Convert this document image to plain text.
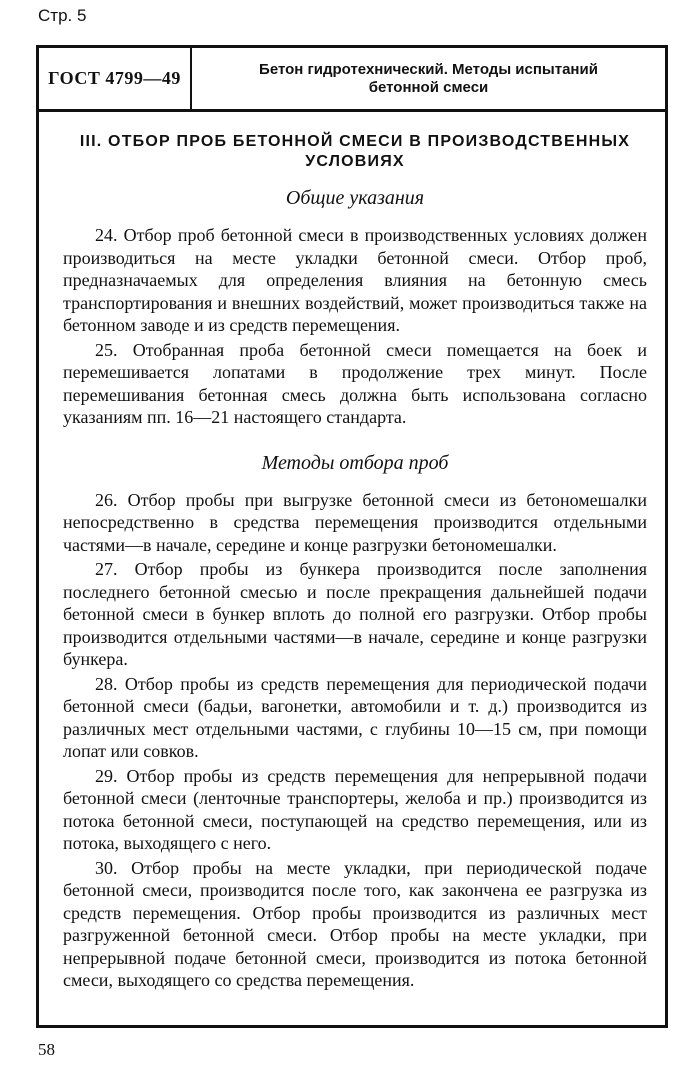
Стр. 5
ГОСТ 4799—49	Бетон гидротехнический. Методы испытаний бетонной смеси
III. ОТБОР ПРОБ БЕТОННОЙ СМЕСИ В ПРОИЗВОДСТВЕННЫХ УСЛОВИЯХ
Общие указания

24. Отбор проб бетонной смеси в производственных условиях должен производиться на месте укладки бетонной смеси. Отбор проб, предназначаемых для определения влияния на бетонную смесь транспортирования и внешних воздействий, может производиться также на бетонном заводе и из средств перемещения.

25. Отобранная проба бетонной смеси помещается на боек и перемешивается лопатами в продолжение трех минут. После перемешивания бетонная смесь должна быть использована согласно указаниям пп. 16—21 настоящего стандарта.

Методы отбора проб

26. Отбор пробы при выгрузке бетонной смеси из бетономешалки непосредственно в средства перемещения производится отдельными частями—в начале, середине и конце разгрузки бетономешалки.

27. Отбор пробы из бункера производится после заполнения последнего бетонной смесью и после прекращения дальнейшей подачи бетонной смеси в бункер вплоть до полной его разгрузки. Отбор пробы производится отдельными частями—в начале, середине и конце разгрузки бункера.

28. Отбор пробы из средств перемещения для периодической подачи бетонной смеси (бадьи, вагонетки, автомобили и т. д.) производится из различных мест отдельными частями, с глубины 10—15 см, при помощи лопат или совков.

29. Отбор пробы из средств перемещения для непрерывной подачи бетонной смеси (ленточные транспортеры, желоба и пр.) производится из потока бетонной смеси, поступающей на средство перемещения, или из потока, выходящего с него.

30. Отбор пробы на месте укладки, при периодической подаче бетонной смеси, производится после того, как закончена ее разгрузка из средств перемещения. Отбор пробы производится из различных мест разгруженной бетонной смеси. Отбор пробы на месте укладки, при непрерывной подаче бетонной смеси, производится из потока бетонной смеси, выходящего со средства перемещения.

58
